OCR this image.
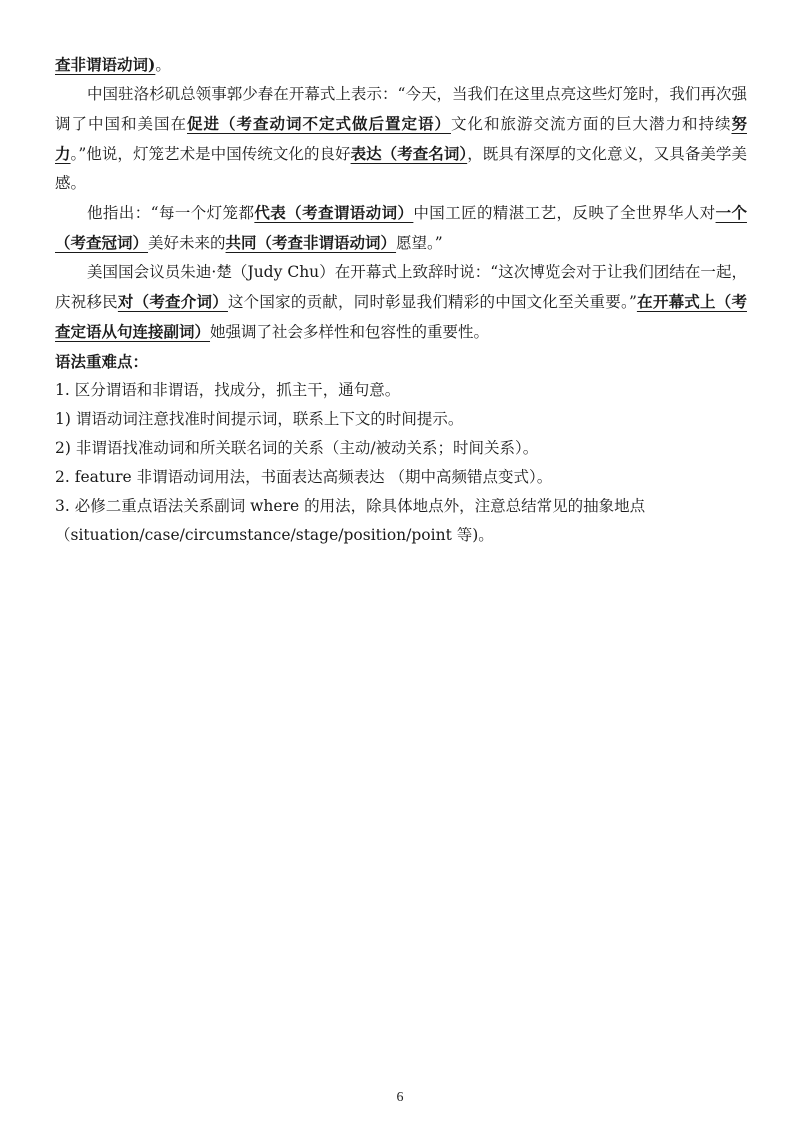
查非谓语动词)。

中国驻洛杉矶总领事郭少春在开幕式上表示：“今天，当我们在这里点亮这些灯笼时，我们再次强调了中国和美国在促进（考查动词不定式做后置定语）文化和旅游交流方面的巨大潜力和持续努力。”他说，灯笼艺术是中国传统文化的良好表达（考查名词），既具有深厚的文化意义，又具备美学美感。

他指出：“每一个灯笼都代表（考查谓语动词）中国工匠的精湛工艺，反映了全世界华人对一个（考查冠词）美好未来的共同（考查非谓语动词）愿望。”

美国国会议员朱迪·楚（Judy Chu）在开幕式上致辞时说：“这次博览会对于让我们团结在一起，庆祝移民对（考查介词）这个国家的贡献，同时彰显我们精彩的中国文化至关重要。”在开幕式上（考查定语从句连接副词）她强调了社会多样性和包容性的重要性。

语法重难点：

1. 区分谓语和非谓语，找成分，抓主干，通句意。

1) 谓语动词注意找准时间提示词，联系上下文的时间提示。

2) 非谓语找准动词和所关联名词的关系（主动/被动关系；时间关系）。

2. feature 非谓语动词用法，书面表达高频表达 （期中高频错点变式）。

3. 必修二重点语法关系副词 where 的用法，除具体地点外，注意总结常见的抽象地点（situation/case/circumstance/stage/position/point 等)。

6
